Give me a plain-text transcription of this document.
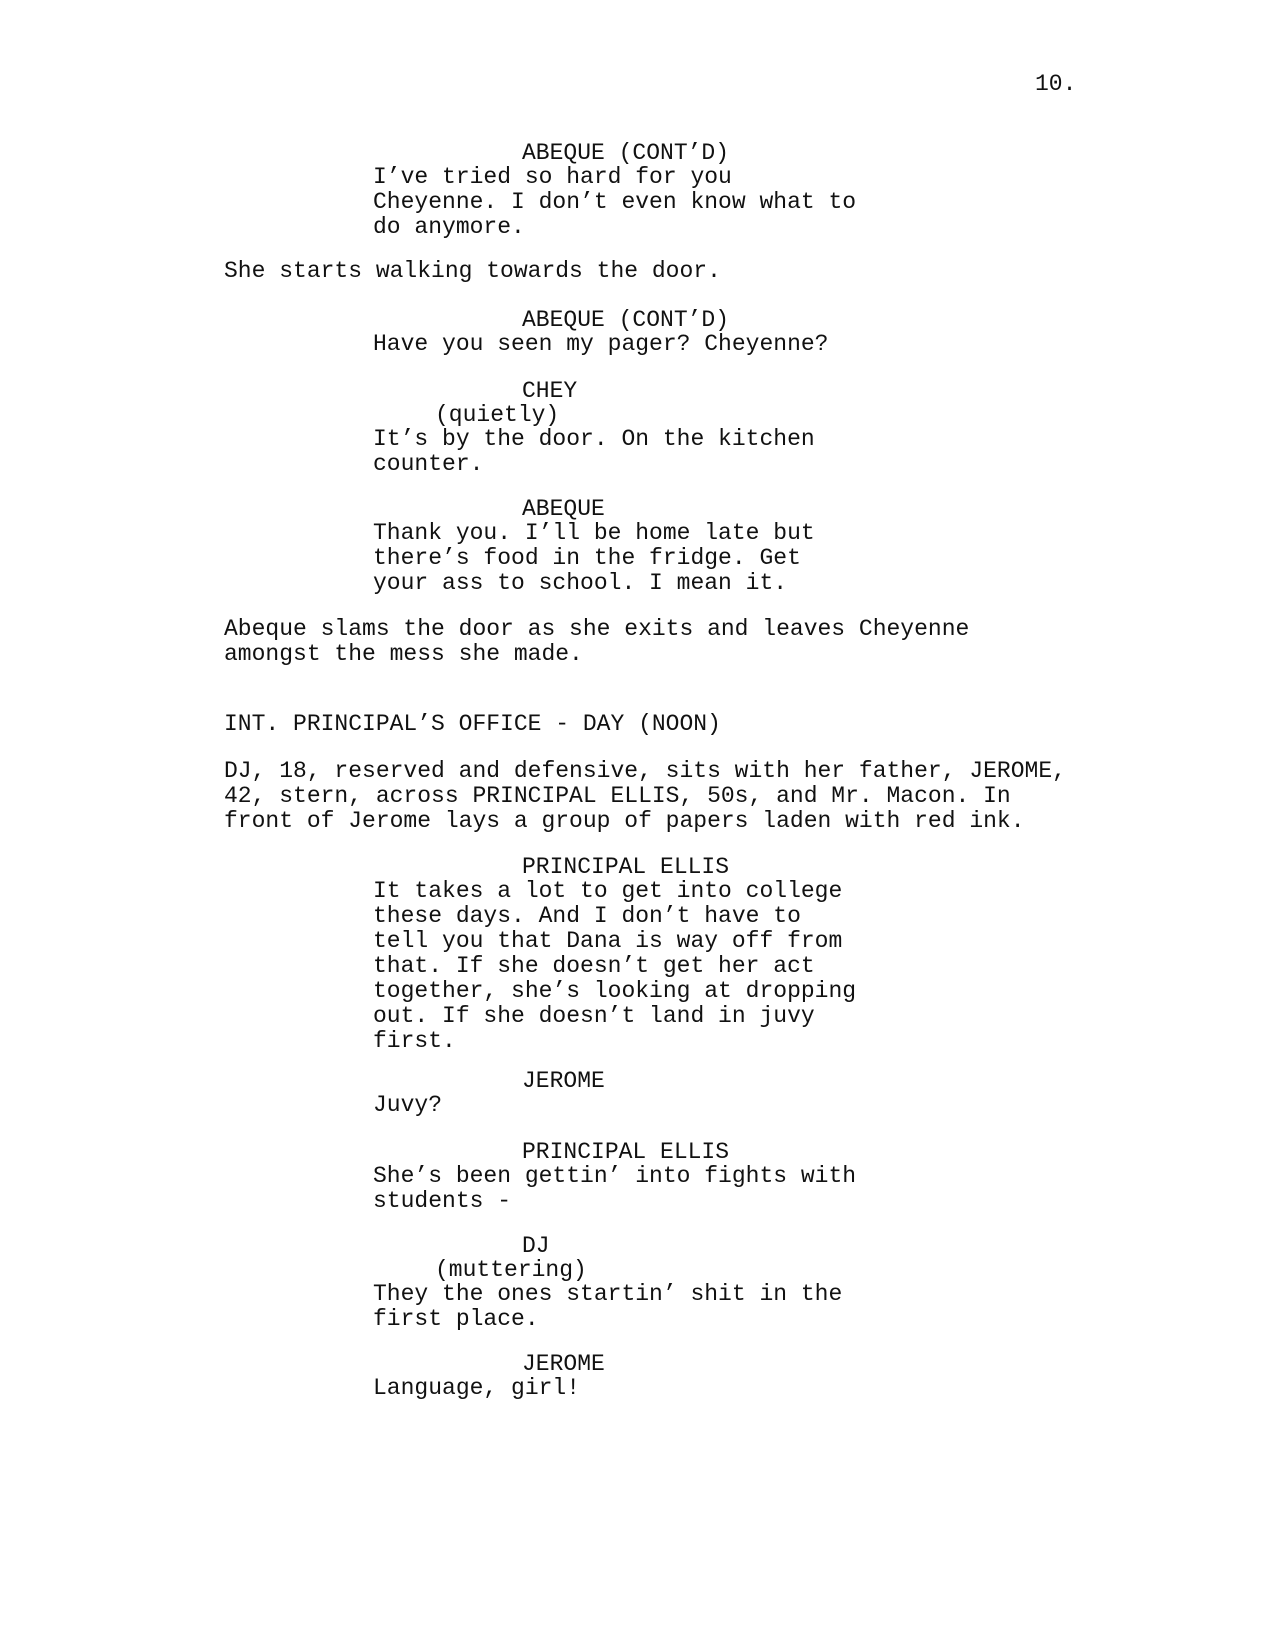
10.
ABEQUE (CONT’D)
I’ve tried so hard for you
Cheyenne. I don’t even know what to
do anymore.
She starts walking towards the door.
ABEQUE (CONT’D)
Have you seen my pager? Cheyenne?
CHEY
(quietly)
It’s by the door. On the kitchen
counter.
ABEQUE
Thank you. I’ll be home late but
there’s food in the fridge. Get
your ass to school. I mean it.
Abeque slams the door as she exits and leaves Cheyenne
amongst the mess she made.
INT. PRINCIPAL’S OFFICE - DAY (NOON)
DJ, 18, reserved and defensive, sits with her father, JEROME,
42, stern, across PRINCIPAL ELLIS, 50s, and Mr. Macon. In
front of Jerome lays a group of papers laden with red ink.
PRINCIPAL ELLIS
It takes a lot to get into college
these days. And I don’t have to
tell you that Dana is way off from
that. If she doesn’t get her act
together, she’s looking at dropping
out. If she doesn’t land in juvy
first.
JEROME
Juvy?
PRINCIPAL ELLIS
She’s been gettin’ into fights with
students -
DJ
(muttering)
They the ones startin’ shit in the
first place.
JEROME
Language, girl!
